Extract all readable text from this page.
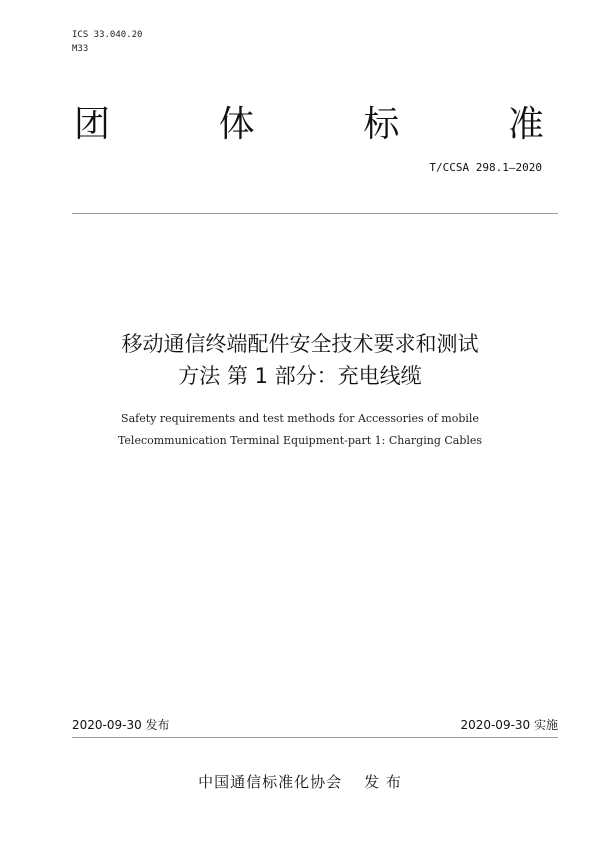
ICS 33.040.20
M33
团	体	标	准
T/CCSA 298.1—2020
移动通信终端配件安全技术要求和测试
方法 第 1 部分：充电线缆
Safety requirements and test methods for Accessories of mobile
Telecommunication Terminal Equipment-part 1: Charging Cables
2020-09-30 发布	2020-09-30 实施
中国通信标准化协会 发 布
